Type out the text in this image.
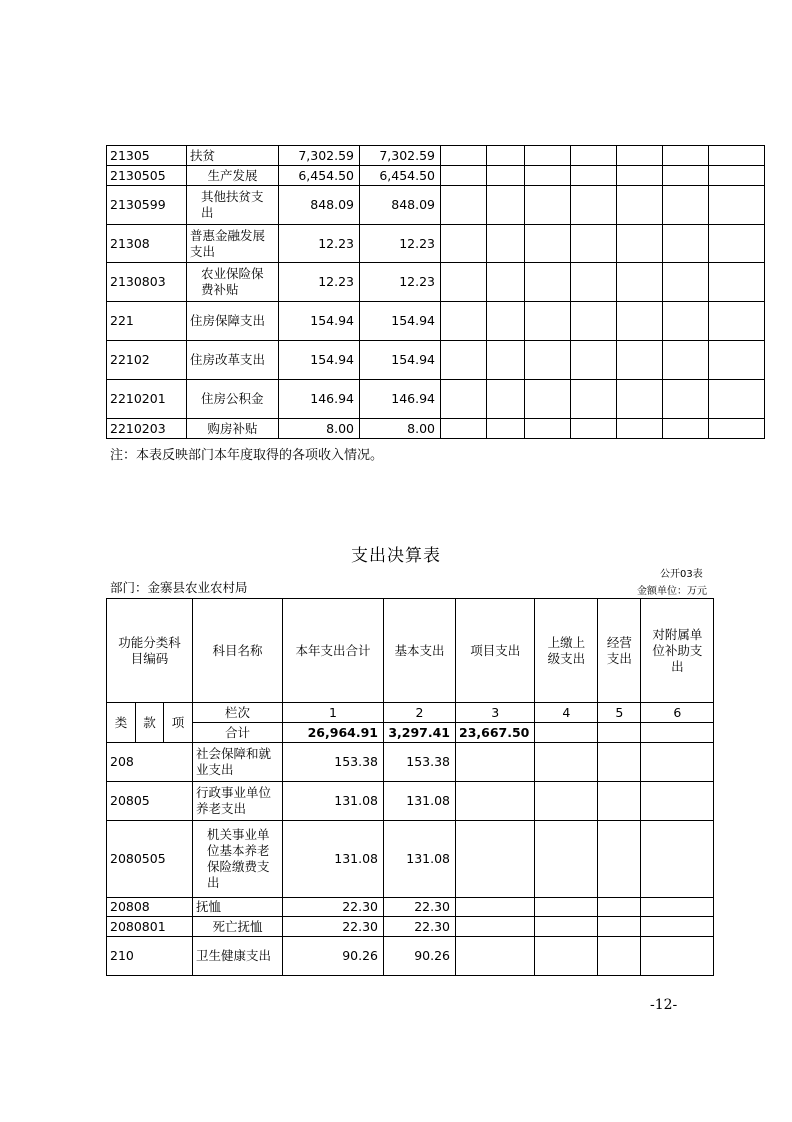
21305	扶贫	7,302.59	7,302.59							
2130505	生产发展	6,454.50	6,454.50							
2130599	其他扶贫支出	848.09	848.09							
21308	普惠金融发展支出	12.23	12.23							
2130803	农业保险保费补贴	12.23	12.23							
221	住房保障支出	154.94	154.94							
22102	住房改革支出	154.94	154.94							
2210201	住房公积金	146.94	146.94							
2210203	购房补贴	8.00	8.00							
注：本表反映部门本年度取得的各项收入情况。
支出决算表
公开03表
金额单位：万元
部门：金寨县农业农村局
功能分类科目编码			科目名称	本年支出合计	基本支出	项目支出	上缴上级支出	经营支出	对附属单位补助支出
类	款	项	栏次	1	2	3	4	5	6
			合计	26,964.91	3,297.41	23,667.50			
208			社会保障和就业支出	153.38	153.38				
20805			行政事业单位养老支出	131.08	131.08				
2080505			机关事业单位基本养老保险缴费支出	131.08	131.08				
20808			抚恤	22.30	22.30				
2080801			死亡抚恤	22.30	22.30				
210			卫生健康支出	90.26	90.26				
-12-
